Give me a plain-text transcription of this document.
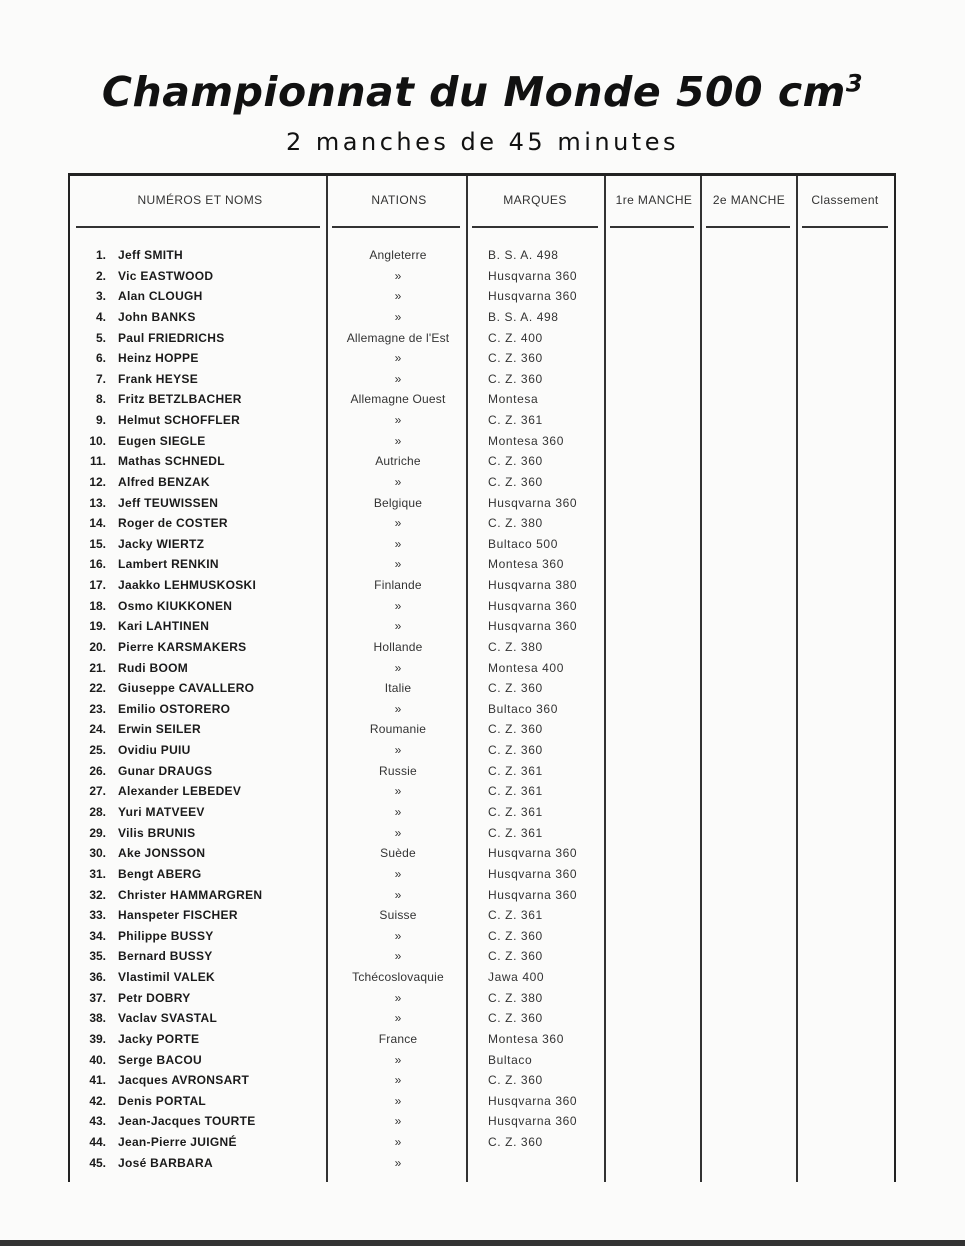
Championnat du Monde 500 $cm^3$
2 manches de 45 minutes
NUMÉROS ET NOMS	NATIONS	MARQUES	1re MANCHE	2e MANCHE	Classement
1. Jeff SMITH	Angleterre	B. S. A. 498
2. Vic EASTWOOD	»	Husqvarna 360
3. Alan CLOUGH	»	Husqvarna 360
4. John BANKS	»	B. S. A. 498
5. Paul FRIEDRICHS	Allemagne de l'Est	C. Z. 400
6. Heinz HOPPE	»	C. Z. 360
7. Frank HEYSE	»	C. Z. 360
8. Fritz BETZLBACHER	Allemagne Ouest	Montesa
9. Helmut SCHOFFLER	»	C. Z. 361
10. Eugen SIEGLE	»	Montesa 360
11. Mathas SCHNEDL	Autriche	C. Z. 360
12. Alfred BENZAK	»	C. Z. 360
13. Jeff TEUWISSEN	Belgique	Husqvarna 360
14. Roger de COSTER	»	C. Z. 380
15. Jacky WIERTZ	»	Bultaco 500
16. Lambert RENKIN	»	Montesa 360
17. Jaakko LEHMUSKOSKI	Finlande	Husqvarna 380
18. Osmo KIUKKONEN	»	Husqvarna 360
19. Kari LAHTINEN	»	Husqvarna 360
20. Pierre KARSMAKERS	Hollande	C. Z. 380
21. Rudi BOOM	»	Montesa 400
22. Giuseppe CAVALLERO	Italie	C. Z. 360
23. Emilio OSTORERO	»	Bultaco 360
24. Erwin SEILER	Roumanie	C. Z. 360
25. Ovidiu PUIU	»	C. Z. 360
26. Gunar DRAUGS	Russie	C. Z. 361
27. Alexander LEBEDEV	»	C. Z. 361
28. Yuri MATVEEV	»	C. Z. 361
29. Vilis BRUNIS	»	C. Z. 361
30. Ake JONSSON	Suède	Husqvarna 360
31. Bengt ABERG	»	Husqvarna 360
32. Christer HAMMARGREN	»	Husqvarna 360
33. Hanspeter FISCHER	Suisse	C. Z. 361
34. Philippe BUSSY	»	C. Z. 360
35. Bernard BUSSY	»	C. Z. 360
36. Vlastimil VALEK	Tchécoslovaquie	Jawa 400
37. Petr DOBRY	»	C. Z. 380
38. Vaclav SVASTAL	»	C. Z. 360
39. Jacky PORTE	France	Montesa 360
40. Serge BACOU	»	Bultaco
41. Jacques AVRONSART	»	C. Z. 360
42. Denis PORTAL	»	Husqvarna 360
43. Jean-Jacques TOURTE	»	Husqvarna 360
44. Jean-Pierre JUIGNÉ	»	C. Z. 360
45. José BARBARA	»
